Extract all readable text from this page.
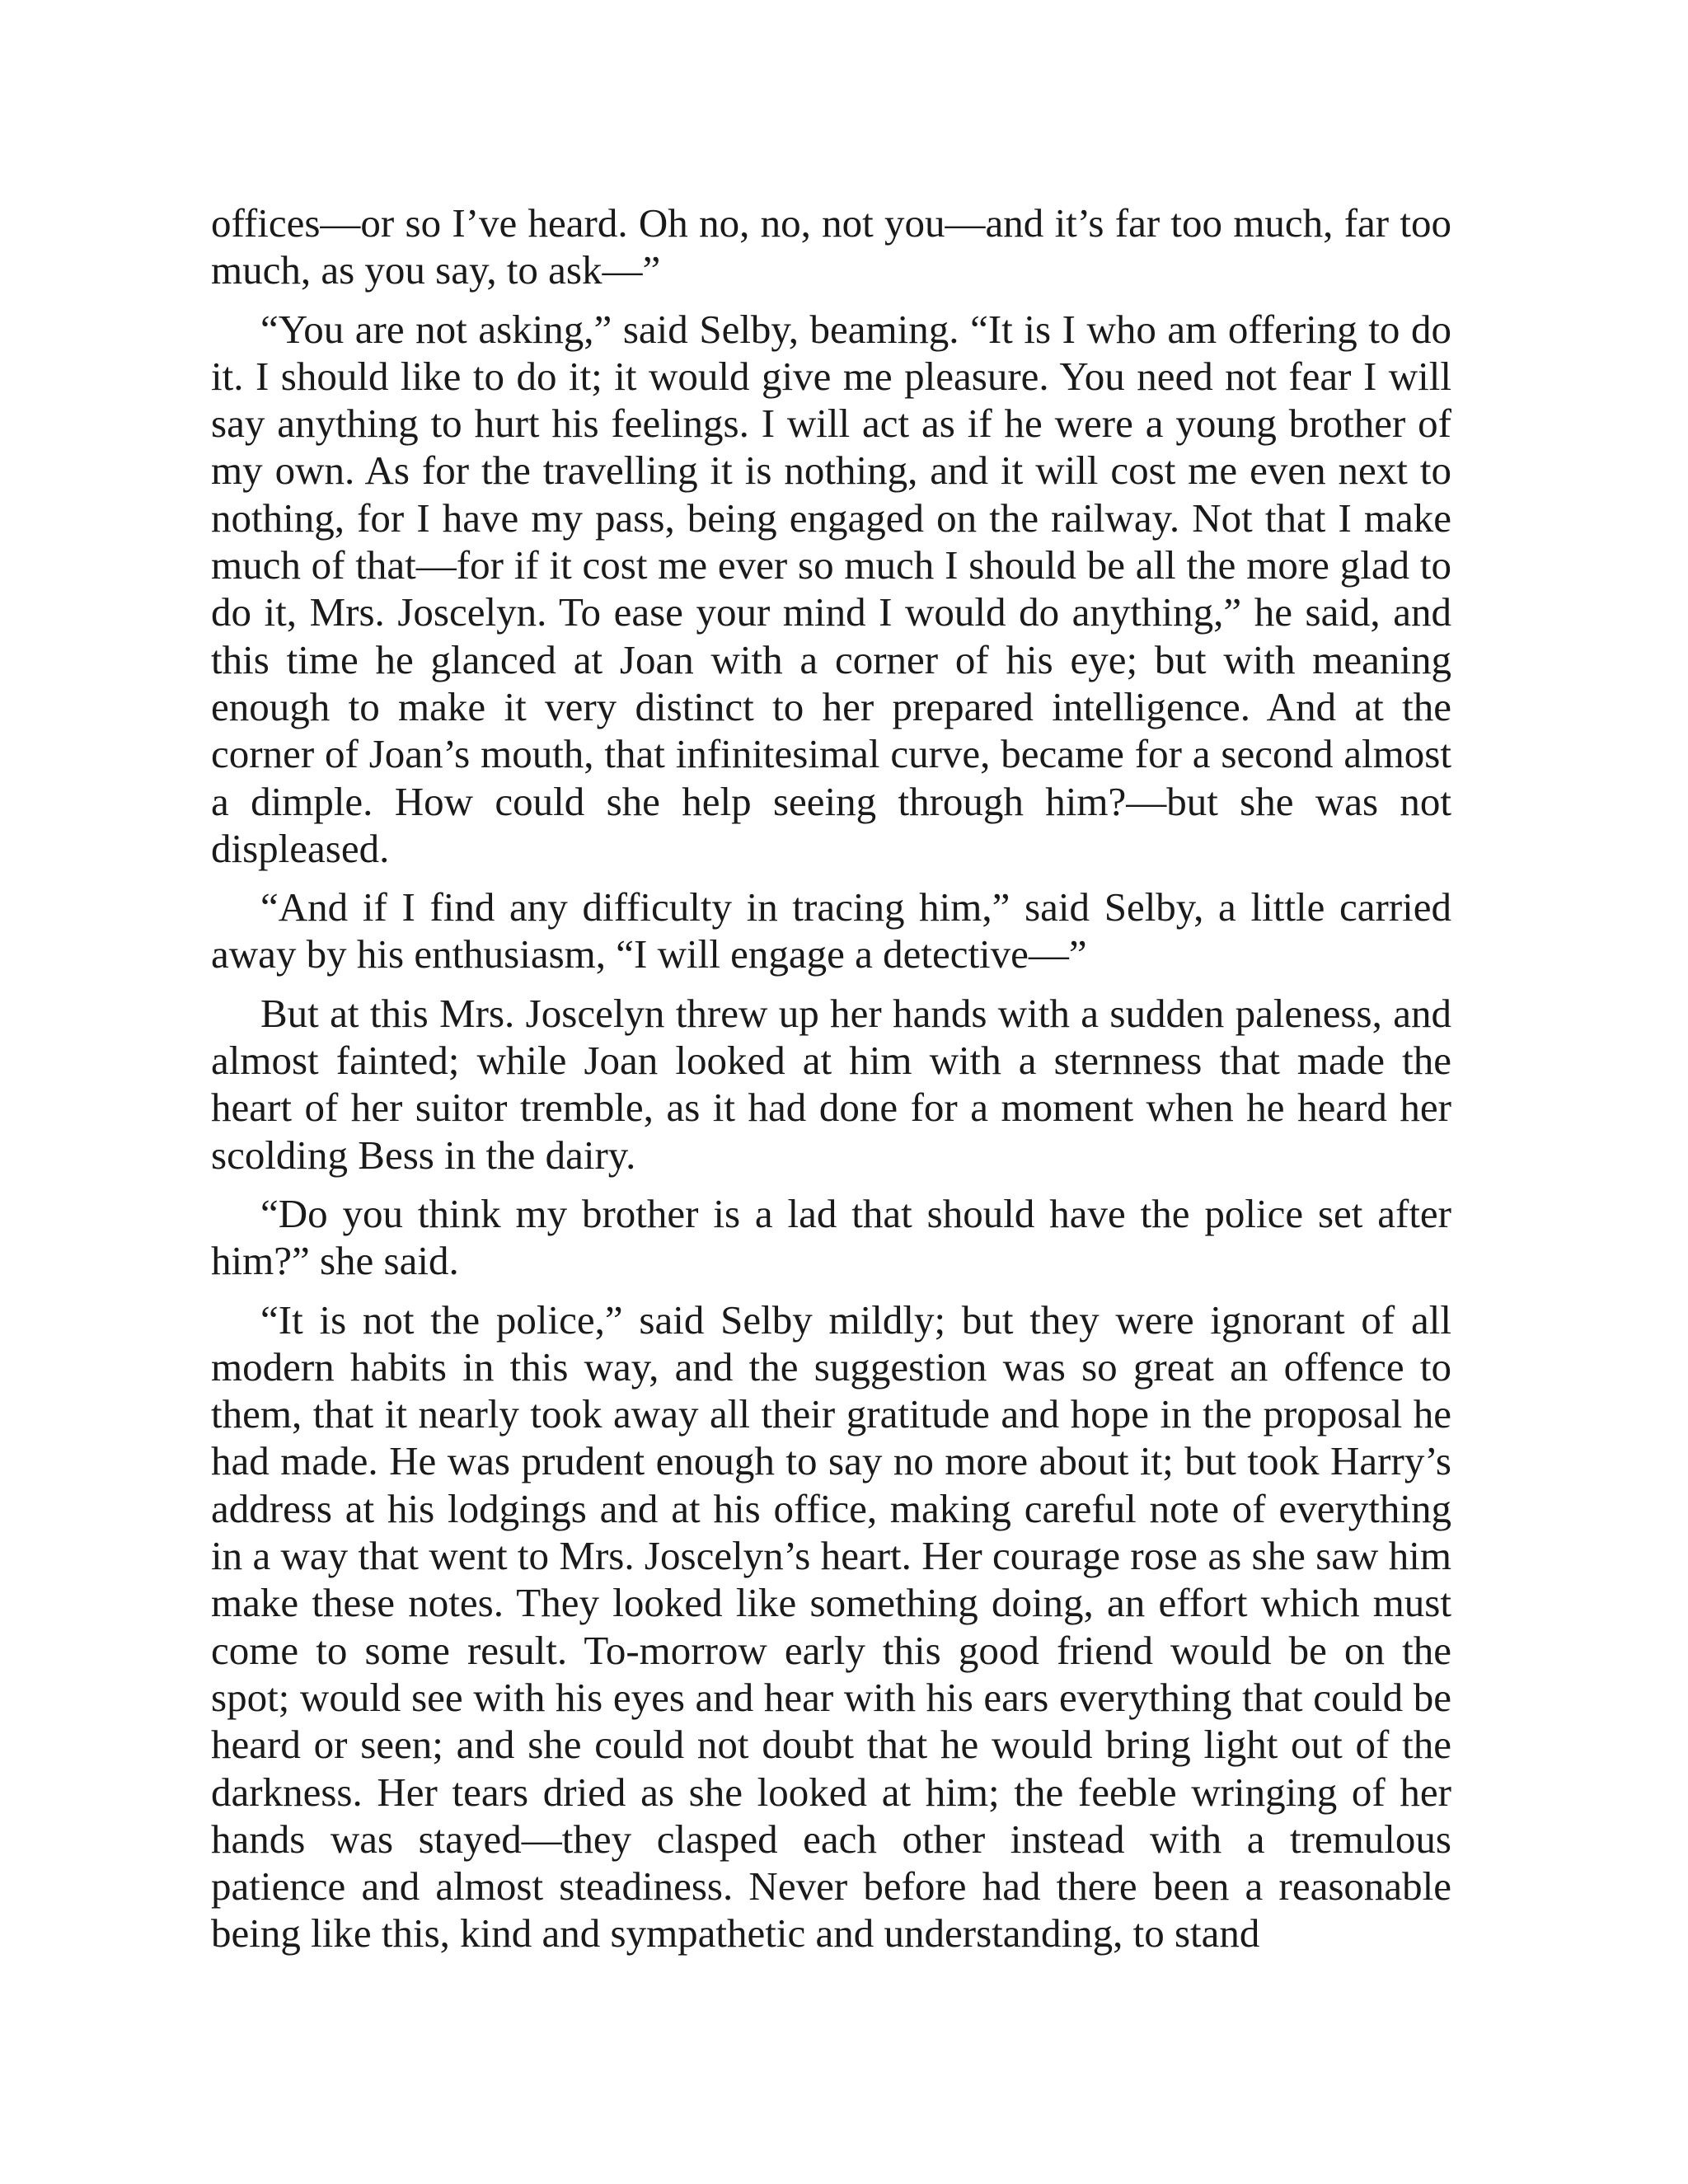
offices—or so I’ve heard. Oh no, no, not you—and it’s far too much, far too much, as you say, to ask—”

“You are not asking,” said Selby, beaming. “It is I who am offering to do it. I should like to do it; it would give me pleasure. You need not fear I will say anything to hurt his feelings. I will act as if he were a young brother of my own. As for the travelling it is nothing, and it will cost me even next to nothing, for I have my pass, being engaged on the railway. Not that I make much of that—for if it cost me ever so much I should be all the more glad to do it, Mrs. Joscelyn. To ease your mind I would do anything,” he said, and this time he glanced at Joan with a corner of his eye; but with meaning enough to make it very distinct to her prepared intelligence. And at the corner of Joan’s mouth, that infinitesimal curve, became for a second almost a dimple. How could she help seeing through him?—but she was not displeased.

“And if I find any difficulty in tracing him,” said Selby, a little carried away by his enthusiasm, “I will engage a detective—”

But at this Mrs. Joscelyn threw up her hands with a sudden paleness, and almost fainted; while Joan looked at him with a sternness that made the heart of her suitor tremble, as it had done for a moment when he heard her scolding Bess in the dairy.

“Do you think my brother is a lad that should have the police set after him?” she said.

“It is not the police,” said Selby mildly; but they were ignorant of all modern habits in this way, and the suggestion was so great an offence to them, that it nearly took away all their gratitude and hope in the proposal he had made. He was prudent enough to say no more about it; but took Harry’s address at his lodgings and at his office, making careful note of everything in a way that went to Mrs. Joscelyn’s heart. Her courage rose as she saw him make these notes. They looked like something doing, an effort which must come to some result. To-morrow early this good friend would be on the spot; would see with his eyes and hear with his ears everything that could be heard or seen; and she could not doubt that he would bring light out of the darkness. Her tears dried as she looked at him; the feeble wringing of her hands was stayed—they clasped each other instead with a tremulous patience and almost steadiness. Never before had there been a reasonable being like this, kind and sympathetic and understanding, to stand
